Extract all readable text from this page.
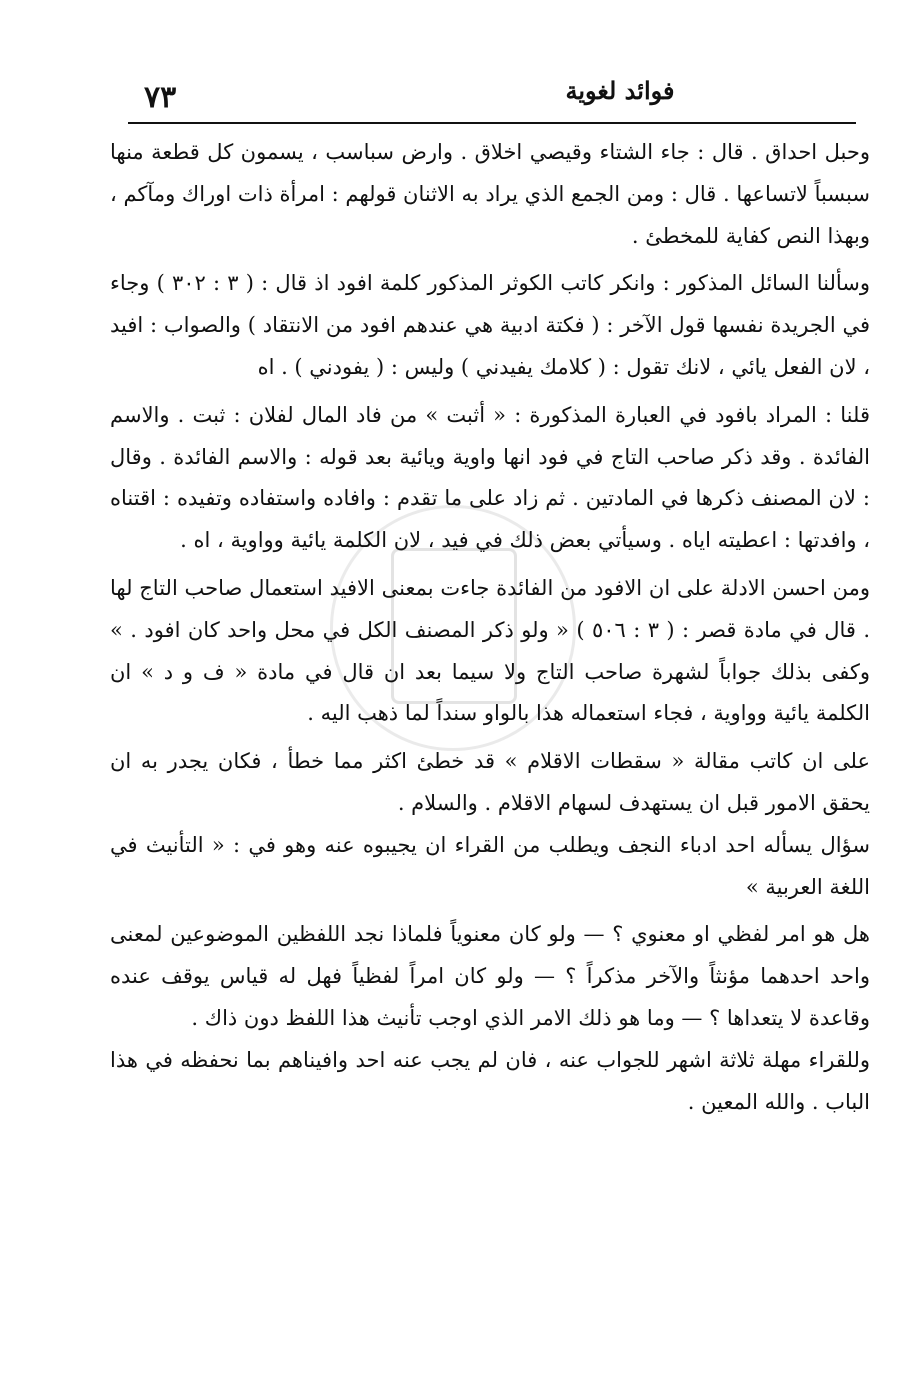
٧٣	فوائد لغوية

وحبل احداق . قال : جاء الشتاء وقيصي اخلاق . وارض سباسب ، يسمون كل قطعة منها سبسباً لاتساعها . قال : ومن الجمع الذي يراد به الاثنان قولهم : امرأة ذات اوراك ومآكم ، وبهذا النص كفاية للمخطئ .

وسألنا السائل المذكور : وانكر كاتب الكوثر المذكور كلمة افود اذ قال : ( ٣ : ٣٠٢ ) وجاء في الجريدة نفسها قول الآخر : ( فكتة ادبية هي عندهم افود من الانتقاد ) والصواب : افيد ، لان الفعل يائي ، لانك تقول : ( كلامك يفيدني ) وليس : ( يفودني ) . اه

قلنا : المراد بافود في العبارة المذكورة : « أثبت » من فاد المال لفلان : ثبت . والاسم الفائدة . وقد ذكر صاحب التاج في فود انها واوية ويائية بعد قوله : والاسم الفائدة . وقال : لان المصنف ذكرها في المادتين . ثم زاد على ما تقدم : وافاده واستفاده وتفيده : اقتناه ، وافدتها : اعطيته اياه . وسيأتي بعض ذلك في فيد ، لان الكلمة يائية وواوية ، اه .

ومن احسن الادلة على ان الافود من الفائدة جاءت بمعنى الافيد استعمال صاحب التاج لها . قال في مادة قصر : ( ٣ : ٥٠٦ ) « ولو ذكر المصنف الكل في محل واحد كان افود . » وكفى بذلك جواباً لشهرة صاحب التاج ولا سيما بعد ان قال في مادة « ف و د » ان الكلمة يائية وواوية ، فجاء استعماله هذا بالواو سنداً لما ذهب اليه .

على ان كاتب مقالة « سقطات الاقلام » قد خطئ اكثر مما خطأ ، فكان يجدر به ان يحقق الامور قبل ان يستهدف لسهام الاقلام . والسلام .

سؤال يسأله احد ادباء النجف ويطلب من القراء ان يجيبوه عنه وهو في : « التأنيث في اللغة العربية »

هل هو امر لفظي او معنوي ؟ — ولو كان معنوياً فلماذا نجد اللفظين الموضوعين لمعنى واحد احدهما مؤنثاً والآخر مذكراً ؟ — ولو كان امراً لفظياً فهل له قياس يوقف عنده وقاعدة لا يتعداها ؟ — وما هو ذلك الامر الذي اوجب تأنيث هذا اللفظ دون ذاك .

وللقراء مهلة ثلاثة اشهر للجواب عنه ، فان لم يجب عنه احد وافيناهم بما نحفظه في هذا الباب . والله المعين .
